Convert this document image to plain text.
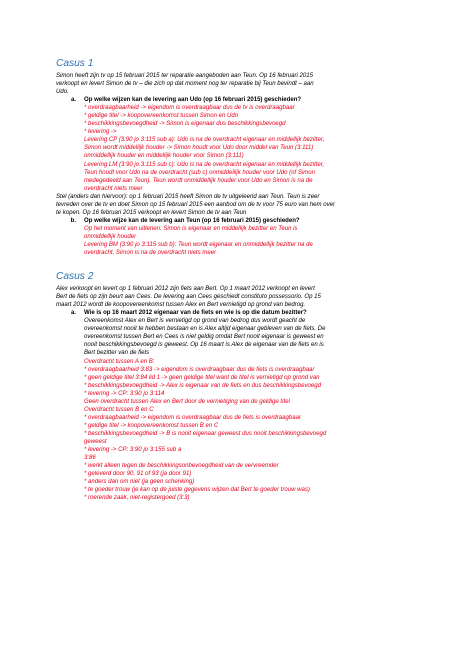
Casus 1

Simon heeft zijn tv op 15 februari 2015 ter reparatie aangeboden aan Teun. Op 16 februari 2015

verkoopt en levert Simon de tv – die zich op dat moment nog ter reparatie bij Teun bevindt – aan

Udo.

a.	Op welke wijzen kan de levering aan Udo (op 16 februari 2015) geschieden?
* overdraagbaarheid -> eigendom is overdraagbaar dus de tv is overdraagbaar
* geldige titel -> koopovereenkomst tussen Simon en Udo
* beschikkingsbevoegdheid -> Simon is eigenaar dus beschikkingsbevoegd
* levering ->
Levering CP (3:90 jo 3:115 sub a): Udo is na de overdracht eigenaar en middellijk bezitter,
Simon wordt middellijk houder -> Simon houdt voor Udo door middel van Teun (3:111)
onmiddellijk houder en middellijk houder voor Simon (3:111)
Levering LM (3:90 jo 3:115 sub c): Udo is na de overdracht eigenaar en middellijk bezitter,
Teun houdt voor Udo na de overdracht (sub c) onmiddellijk houder voor Udo (of Simon
medegedeeld aan Teun), Teun wordt onmiddellijk houder voor Udo en Simon is na de
overdracht niets meer

Stel (anders dan hiervoor): op 1 februari 2015 heeft Simon de tv uitgeleend aan Teun. Teun is zeer

tevreden over de tv en doet Simon op 15 februari 2015 een aanbod om de tv voor 75 euro van hem over

te kopen. Op 16 februari 2015 verkoopt en levert Simon de tv aan Teun

b.	Op welke wijze kan de levering aan Teun (op 16 februari 2015) geschieden?
Op het moment van uitlenen: Simon is eigenaar en middellijk bezitter en Teun is
onmiddellijk houder
Levering BM (3:90 jo 3:115 sub b): Teun wordt eigenaar en onmiddellijk bezitter na de
overdracht, Simon is na de overdracht niets meer
Casus 2

Alex verkoopt en levert op 1 februari 2012 zijn fiets aan Bert. Op 1 maart 2012 verkoopt en levert

Bert de fiets op zijn beurt aan Cees. De levering aan Cees geschiedt constituto possessorio. Op 15

maart 2012 wordt de koopovereenkomst tussen Alex en Bert vernietigd op grond van bedrog.

a.	Wie is op 16 maart 2012 eigenaar van de fiets en wie is op die datum bezitter?
Overeenkomst Alex en Bert is vernietigd op grond van bedrog dus wordt geacht de
overeenkomst nooit te hebben bestaan en is Alex altijd eigenaar gebleven van de fiets. De
overeenkomst tussen Bert en Cees is niet geldig omdat Bert nooit eigenaar is geweest en
nooit beschikkingsbevoegd is geweest. Op 16 maart is Alex de eigenaar van de fiets en is
Bert bezitter van de fiets
Overdracht tussen A en B:
* overdraagbaarheid 3:83 -> eigendom is overdraagbaar dus de fiets is overdraagbaar
* geen geldige titel 3:84 lid 1 -> geen geldige titel want de titel is vernietigd op grond van
* beschikkingsbevoegdheid -> Alex is eigenaar van de fiets en dus beschikkingsbevoegd
* levering -> CP: 3:90 jo 3:114
Geen overdracht tussen Alex en Bert door de vernietiging van de geldige titel
Overdracht tussen B en C
* overdraagbaarheid -> eigendom is overdraagbaar dus de fiets is overdraagbaar
* geldige titel -> koopovereenkomst tussen B en C
* beschikkingsbevoegdheid -> B is nooit eigenaar geweest dus nooit beschikkingsbevoegd
geweest
* levering -> CP: 3:90 jo 3:155 sub a
3:86
* werkt alleen tegen de beschikkingsonbevoegdheid van de vervreemder
* geleverd door 90, 91 of 93 (ja door 91)
* anders dan om niet (ja geen schenking)
* te goeder trouw (je kan op de juiste gegevens wijzen dat Bert te goeder trouw was)
* roerende zaak, niet-registergoed (3:3)
